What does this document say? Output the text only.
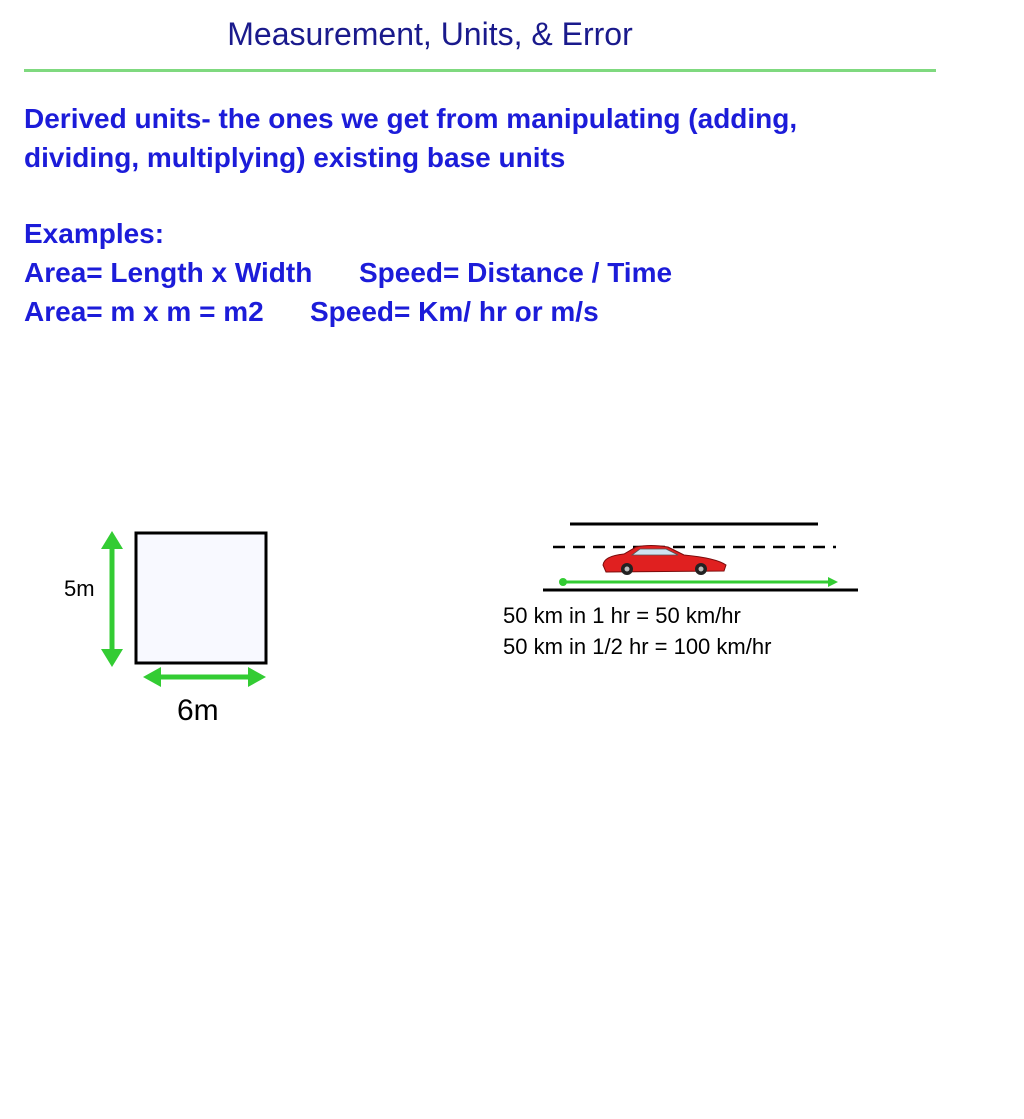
Measurement, Units, & Error
Derived units- the ones we get from manipulating (adding,
dividing, multiplying) existing base units
Examples:
Area= Length x Width Speed= Distance / Time
Area= m x m = m2 Speed= Km/ hr or m/s
5m
6m
50 km in 1 hr = 50 km/hr
50 km in 1/2 hr = 100 km/hr
